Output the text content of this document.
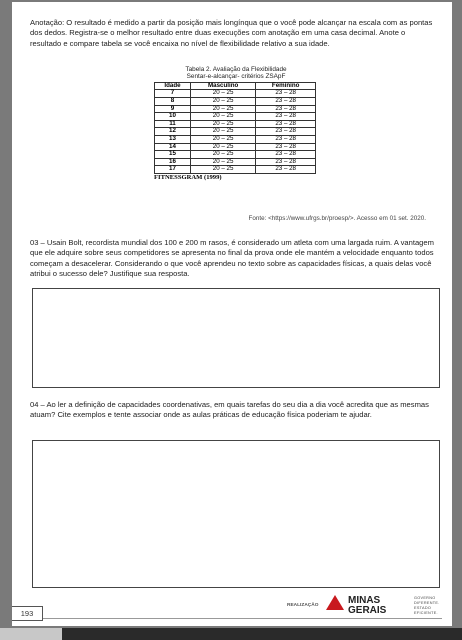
Anotação: O resultado é medido a partir da posição mais longínqua que o você pode alcançar na escala com as pontas dos dedos. Registra-se o melhor resultado entre duas execuções com anotação em uma casa decimal. Anote o resultado e compare tabela se você encaixa no nível de flexibilidade relativo a sua idade.
Tabela 2. Avaliação da Flexibilidade
Sentar-e-alcançar- critérios ZSApF
Idade	Masculino	Feminino
7	20 – 25	23 – 28
8	20 – 25	23 – 28
9	20 – 25	23 – 28
10	20 – 25	23 – 28
11	20 – 25	23 – 28
12	20 – 25	23 – 28
13	20 – 25	23 – 28
14	20 – 25	23 – 28
15	20 – 25	23 – 28
16	20 – 25	23 – 28
17	20 – 25	23 – 28
FITNESSGRAM (1999)
Fonte: <https://www.ufrgs.br/proesp/>. Acesso em 01 set. 2020.
03 – Usain Bolt, recordista mundial dos 100 e 200 m rasos, é considerado um atleta com uma largada ruim. A vantagem que ele adquire sobre seus competidores se apresenta no final da prova onde ele mantém a velocidade enquanto todos começam a desacelerar. Considerando o que você aprendeu no texto sobre as capacidades físicas, a quais delas você atribui o sucesso dele? Justifique sua resposta.
04 – Ao ler a definição de capacidades coordenativas, em quais tarefas do seu dia a dia você acredita que as mesmas atuam? Cite exemplos e tente associar onde as aulas práticas de educação física poderiam te ajudar.
193
REALIZAÇÃO	MINAS
GERAIS
GOVERNO
DIFERENTE.
ESTADO
EFICIENTE.
